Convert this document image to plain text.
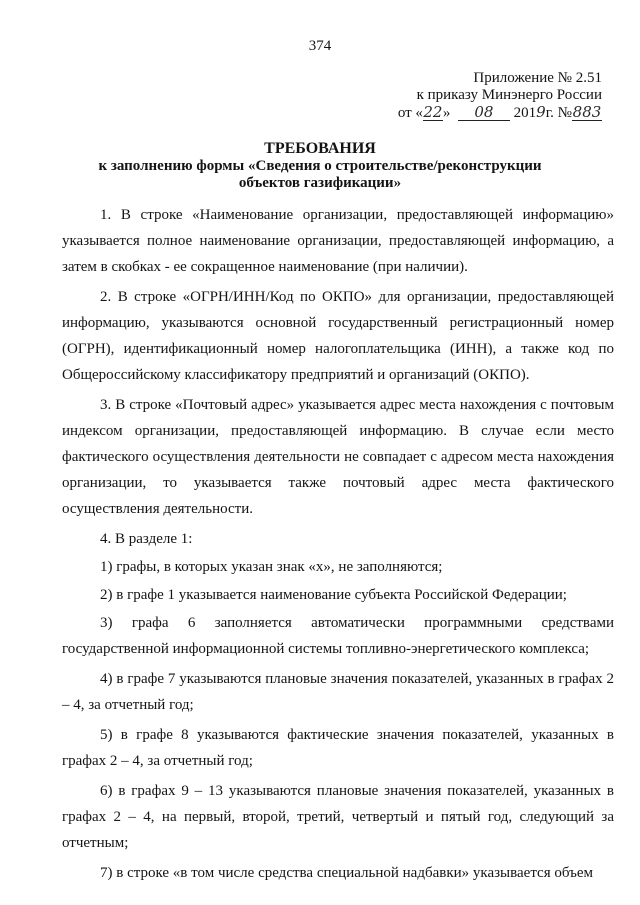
374
Приложение № 2.51
к приказу Минэнерго России
от «22» 08 2019г. №883
ТРЕБОВАНИЯ
к заполнению формы «Сведения о строительстве/реконструкции
объектов газификации»

1. В строке «Наименование организации, предоставляющей информацию» указывается полное наименование организации, предоставляющей информацию, а затем в скобках - ее сокращенное наименование (при наличии).

2. В строке «ОГРН/ИНН/Код по ОКПО» для организации, предоставляющей информацию, указываются основной государственный регистрационный номер (ОГРН), идентификационный номер налогоплательщика (ИНН), а также код по Общероссийскому классификатору предприятий и организаций (ОКПО).

3. В строке «Почтовый адрес» указывается адрес места нахождения с почтовым индексом организации, предоставляющей информацию. В случае если место фактического осуществления деятельности не совпадает с адресом места нахождения организации, то указывается также почтовый адрес места фактического осуществления деятельности.

4. В разделе 1:

1) графы, в которых указан знак «х», не заполняются;

2) в графе 1 указывается наименование субъекта Российской Федерации;

3) графа 6 заполняется автоматически программными средствами государственной информационной системы топливно-энергетического комплекса;

4) в графе 7 указываются плановые значения показателей, указанных в графах 2 – 4, за отчетный год;

5) в графе 8 указываются фактические значения показателей, указанных в графах 2 – 4, за отчетный год;

6) в графах 9 – 13 указываются плановые значения показателей, указанных в графах 2 – 4, на первый, второй, третий, четвертый и пятый год, следующий за отчетным;

7) в строке «в том числе средства специальной надбавки» указывается объем
